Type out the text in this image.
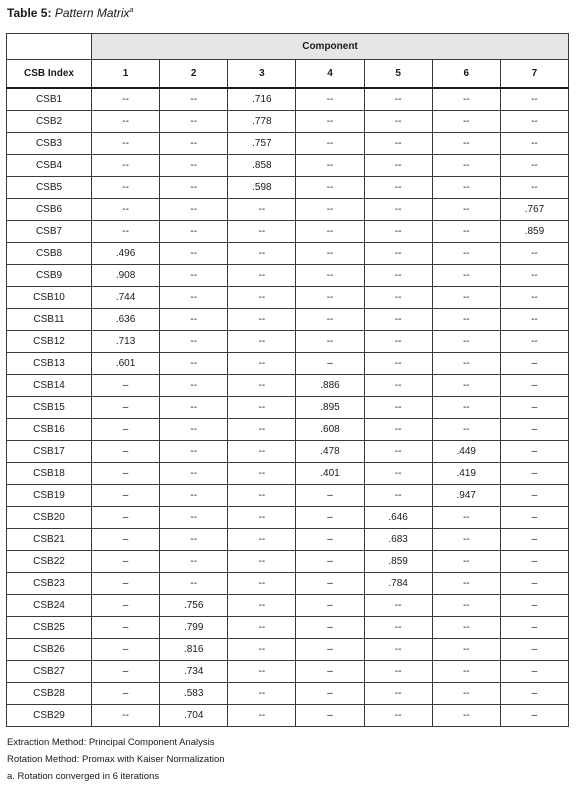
Table 5: Pattern Matrix$^a$
	Component						
CSB Index	1	2	3	4	5	6	7
CSB1	--	--	.716	--	--	--	--
CSB2	--	--	.778	--	--	--	--
CSB3	--	--	.757	--	--	--	--
CSB4	--	--	.858	--	--	--	--
CSB5	--	--	.598	--	--	--	--
CSB6	--	--	--	--	--	--	.767
CSB7	--	--	--	--	--	--	.859
CSB8	.496	--	--	--	--	--	--
CSB9	.908	--	--	--	--	--	--
CSB10	.744	--	--	--	--	--	--
CSB11	.636	--	--	--	--	--	--
CSB12	.713	--	--	--	--	--	--
CSB13	.601	--	--	–	--	--	–
CSB14	–	--	--	.886	--	--	–
CSB15	–	--	--	.895	--	--	–
CSB16	–	--	--	.608	--	--	–
CSB17	–	--	--	.478	--	.449	–
CSB18	–	--	--	.401	--	.419	–
CSB19	–	--	--	–	--	.947	–
CSB20	–	--	--	–	.646	--	–
CSB21	–	--	--	–	.683	--	–
CSB22	–	--	--	–	.859	--	–
CSB23	–	--	--	–	.784	--	–
CSB24	–	.756	--	–	--	--	–
CSB25	–	.799	--	–	--	--	–
CSB26	–	.816	--	–	--	--	–
CSB27	–	.734	--	–	--	--	–
CSB28	–	.583	--	–	--	--	–
CSB29	--	.704	--	–	--	--	–
Extraction Method: Principal Component Analysis
Rotation Method: Promax with Kaiser Normalization
a. Rotation converged in 6 iterations
